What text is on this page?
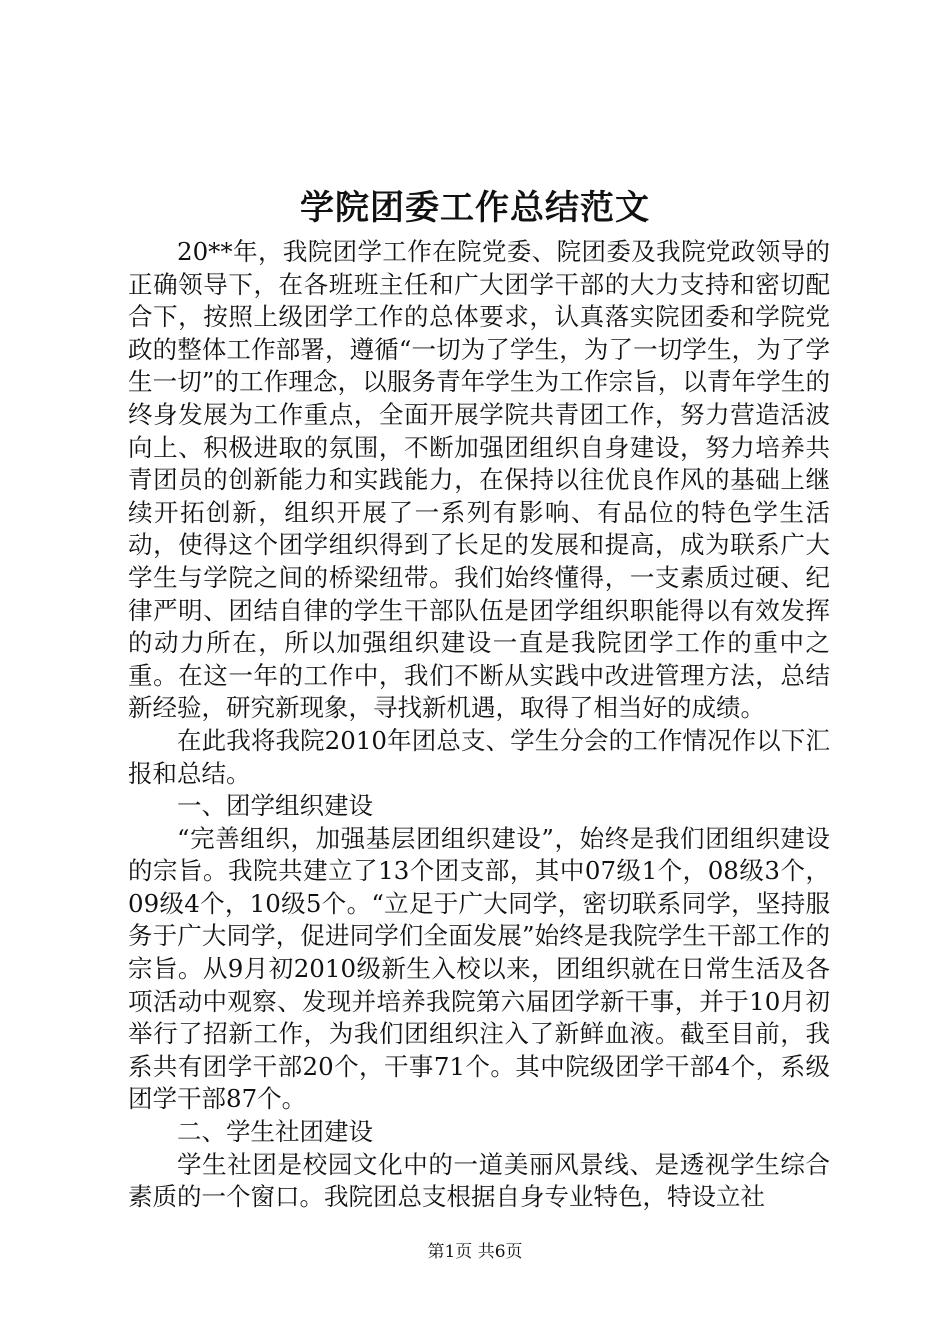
学院团委工作总结范文

20**年，我院团学工作在院党委、院团委及我院党政领导的正确领导下，在各班班主任和广大团学干部的大力支持和密切配合下，按照上级团学工作的总体要求，认真落实院团委和学院党政的整体工作部署，遵循“一切为了学生，为了一切学生，为了学生一切”的工作理念，以服务青年学生为工作宗旨，以青年学生的终身发展为工作重点，全面开展学院共青团工作，努力营造活波向上、积极进取的氛围，不断加强团组织自身建设，努力培养共青团员的创新能力和实践能力，在保持以往优良作风的基础上继续开拓创新，组织开展了一系列有影响、有品位的特色学生活动，使得这个团学组织得到了长足的发展和提高，成为联系广大学生与学院之间的桥梁纽带。我们始终懂得，一支素质过硬、纪律严明、团结自律的学生干部队伍是团学组织职能得以有效发挥的动力所在，所以加强组织建设一直是我院团学工作的重中之重。在这一年的工作中，我们不断从实践中改进管理方法，总结新经验，研究新现象，寻找新机遇，取得了相当好的成绩。

在此我将我院2010年团总支、学生分会的工作情况作以下汇报和总结。

一、团学组织建设

“完善组织，加强基层团组织建设”，始终是我们团组织建设的宗旨。我院共建立了13个团支部，其中07级1个，08级3个，09级4个，10级5个。“立足于广大同学，密切联系同学，坚持服务于广大同学，促进同学们全面发展”始终是我院学生干部工作的宗旨。从9月初2010级新生入校以来，团组织就在日常生活及各项活动中观察、发现并培养我院第六届团学新干事，并于10月初举行了招新工作，为我们团组织注入了新鲜血液。截至目前，我系共有团学干部20个，干事71个。其中院级团学干部4个，系级团学干部87个。

二、学生社团建设

学生社团是校园文化中的一道美丽风景线、是透视学生综合素质的一个窗口。我院团总支根据自身专业特色，特设立社

第1页 共6页
